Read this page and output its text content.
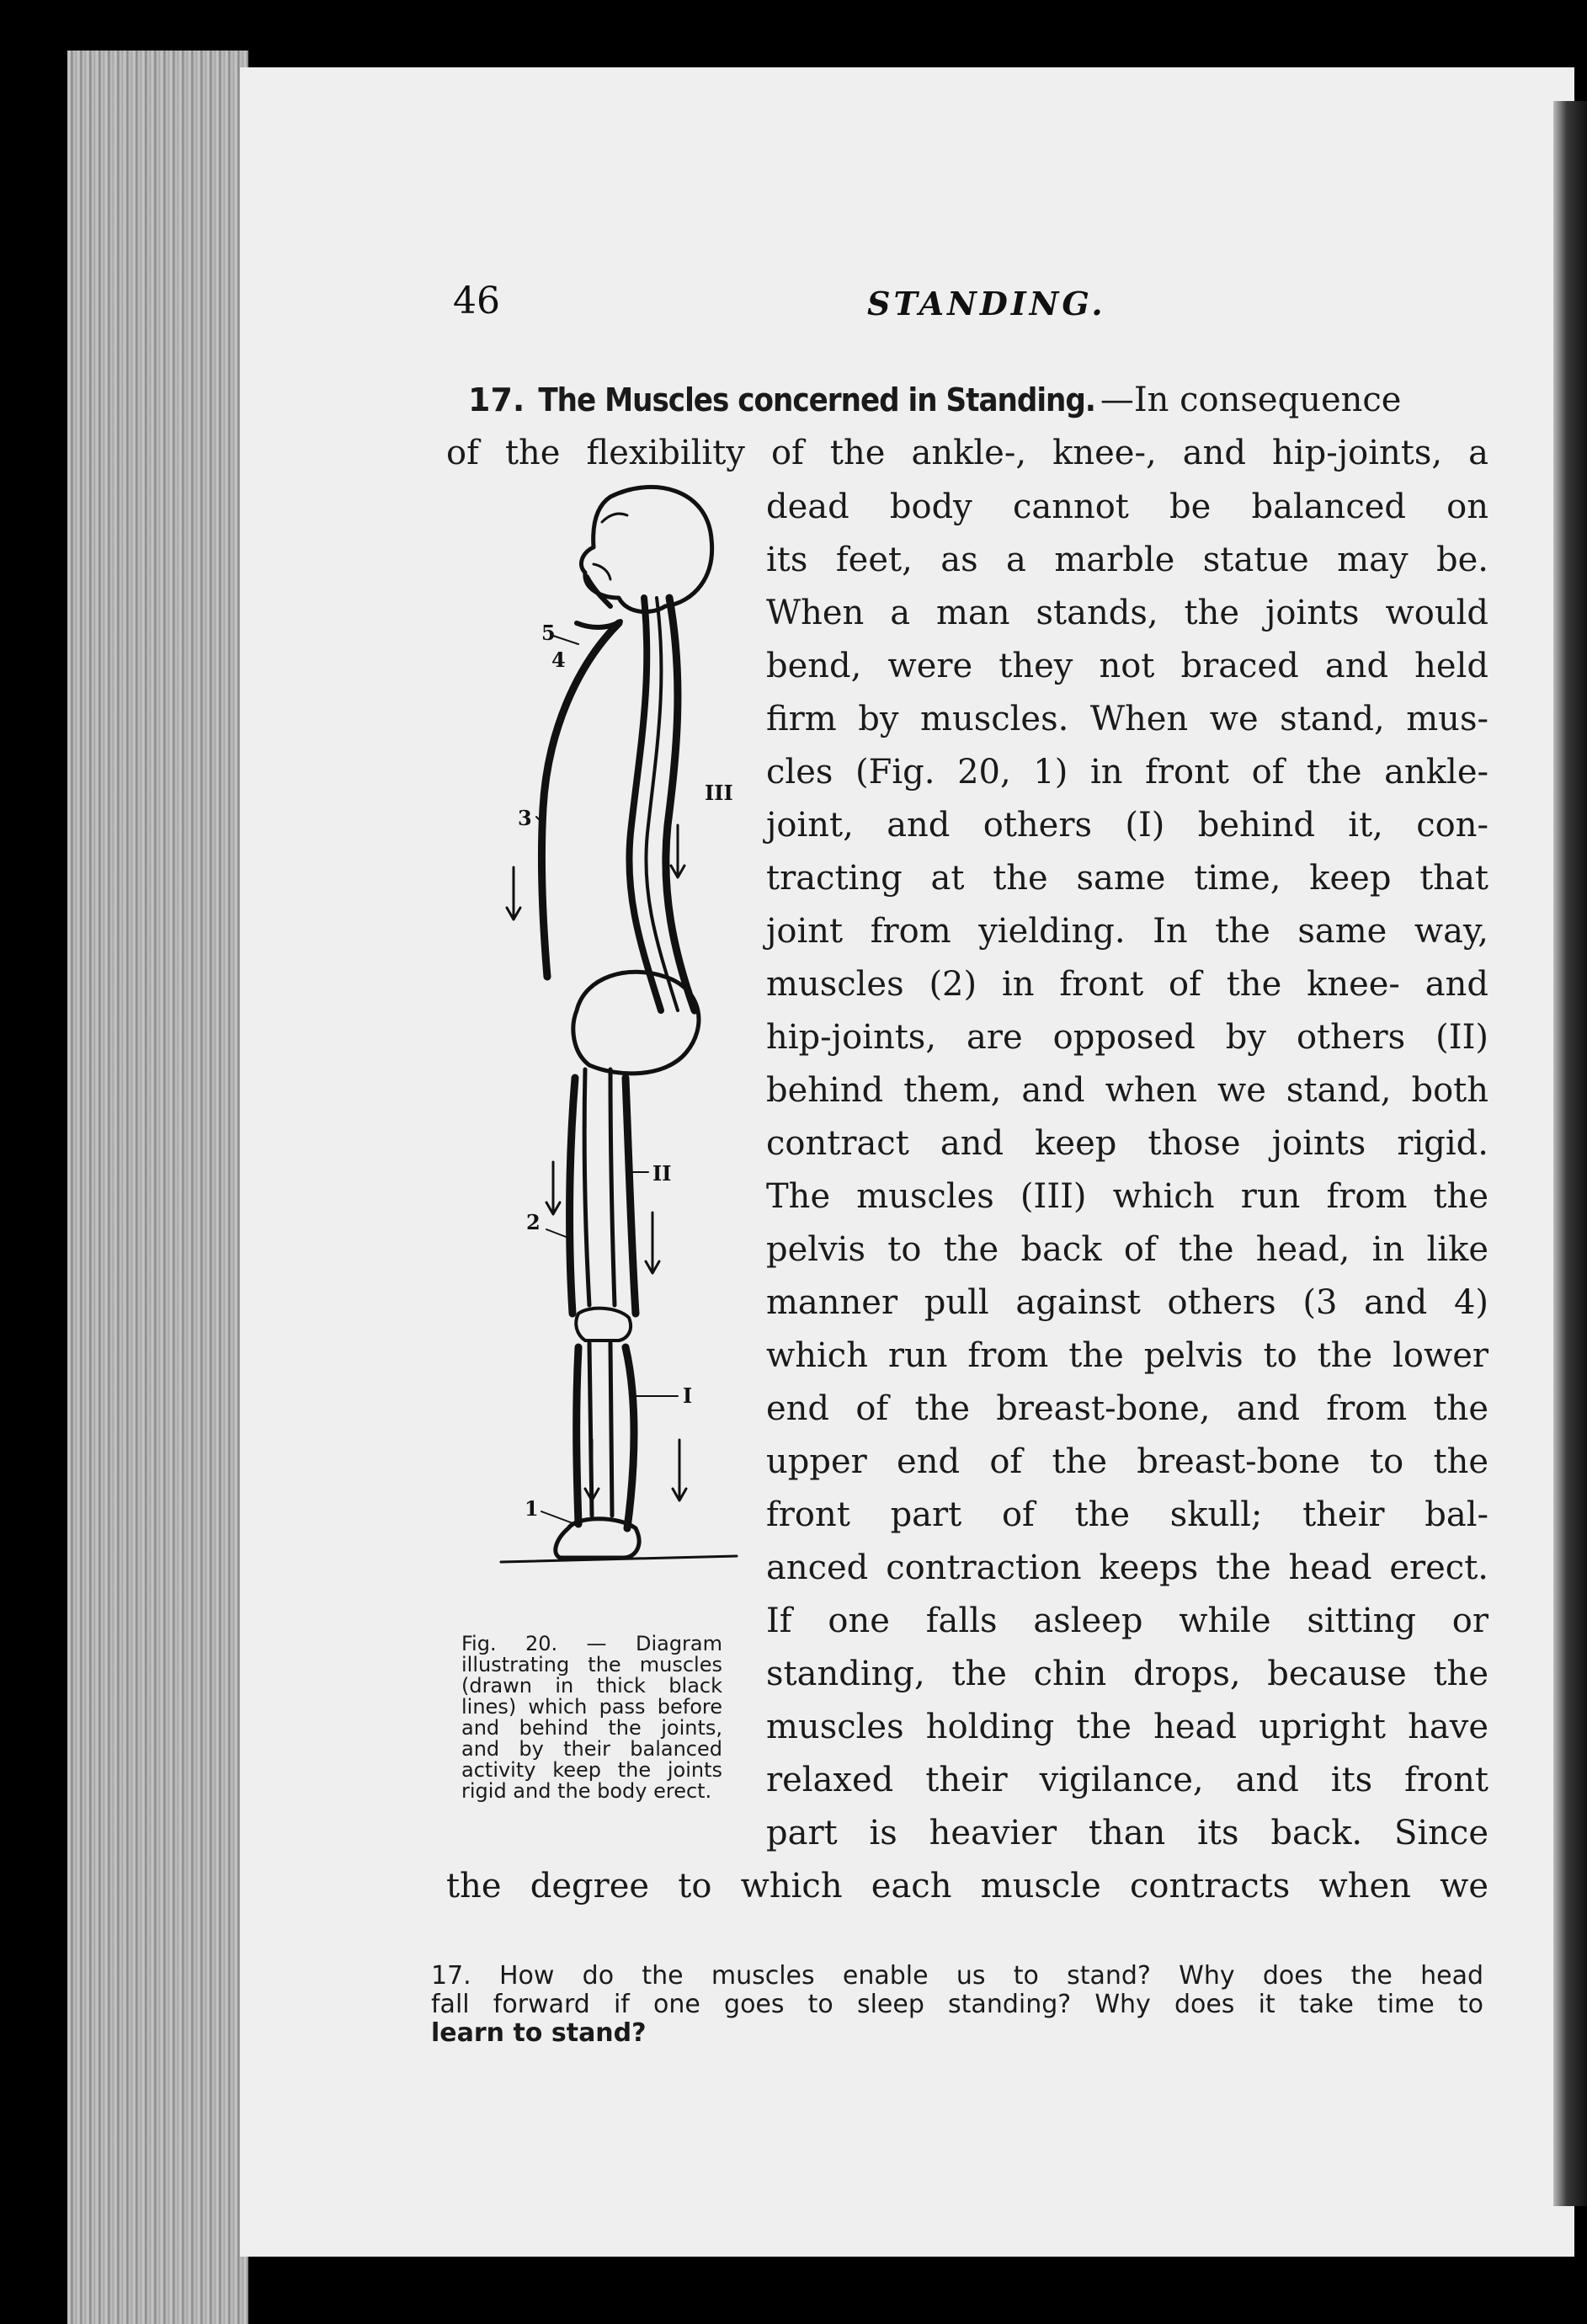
46	STANDING.

17. The Muscles concerned in Standing. —In consequence

of the flexibility of the ankle-, knee-, and hip-joints, a

dead body cannot be balanced on

its feet, as a marble statue may be.

When a man stands, the joints would

bend, were they not braced and held

firm by muscles. When we stand, mus-

cles (Fig. 20, 1) in front of the ankle-

joint, and others (I) behind it, con-

tracting at the same time, keep that

joint from yielding. In the same way,

muscles (2) in front of the knee- and

hip-joints, are opposed by others (II)

behind them, and when we stand, both

contract and keep those joints rigid.

The muscles (III) which run from the

pelvis to the back of the head, in like

manner pull against others (3 and 4)

which run from the pelvis to the lower

end of the breast-bone, and from the

upper end of the breast-bone to the

front part of the skull; their bal-

anced contraction keeps the head erect.

If one falls asleep while sitting or

standing, the chin drops, because the

muscles holding the head upright have

relaxed their vigilance, and its front

part is heavier than its back. Since

the degree to which each muscle contracts when we

5
4
3
III
II
2
I
1

Fig. 20. — Diagram illustrating the muscles (drawn in thick black lines) which pass before and behind the joints, and by their balanced activity keep the joints rigid and the body erect.

17. How do the muscles enable us to stand? Why does the head
fall forward if one goes to sleep standing? Why does it take time to
learn to stand?
